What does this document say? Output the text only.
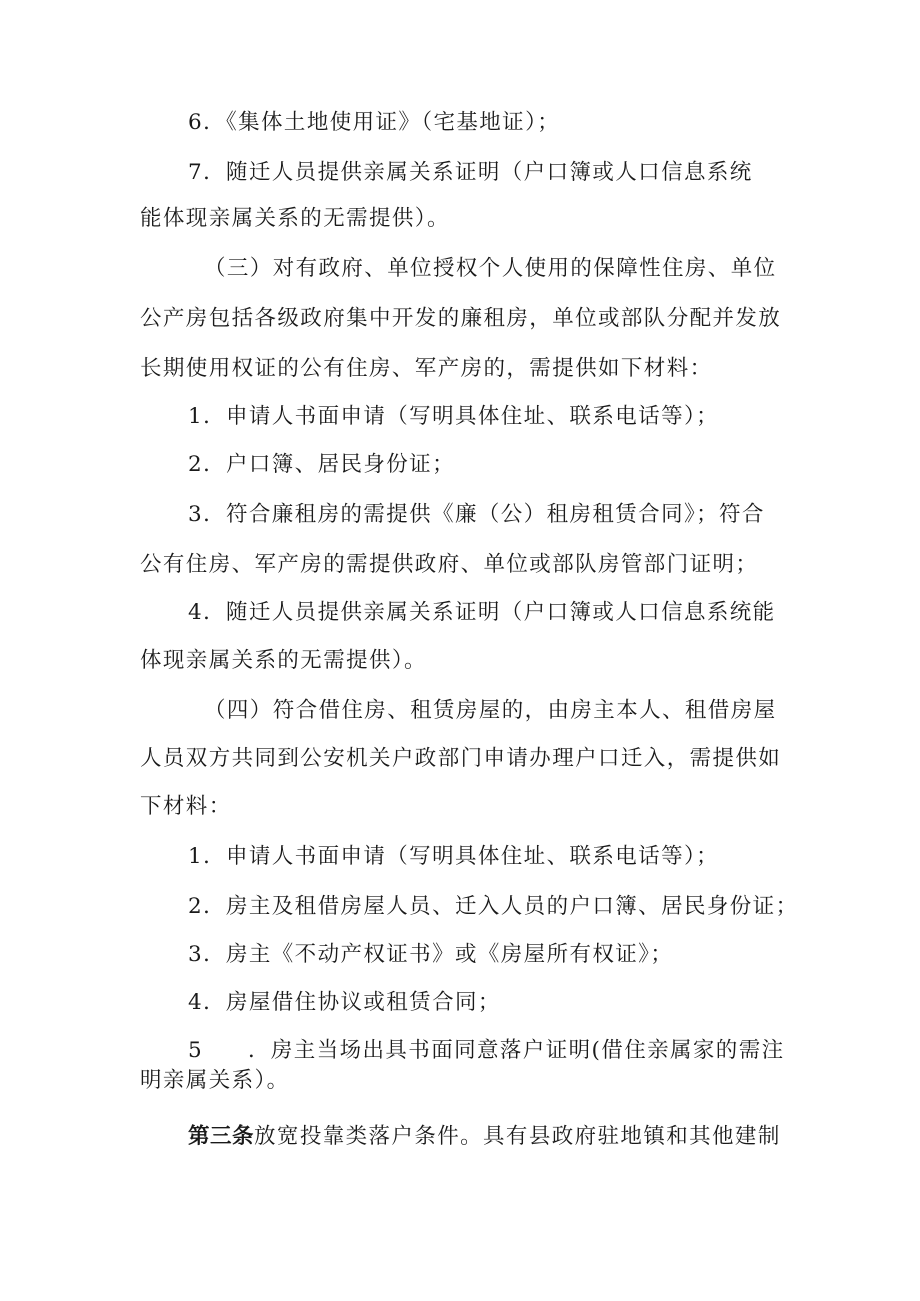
6．《集体土地使用证》（宅基地证）；
7．随迁人员提供亲属关系证明（户口簿或人口信息系统
能体现亲属关系的无需提供）。
（三）对有政府、单位授权个人使用的保障性住房、单位
公产房包括各级政府集中开发的廉租房，单位或部队分配并发放
长期使用权证的公有住房、军产房的，需提供如下材料：
1．申请人书面申请（写明具体住址、联系电话等）；
2．户口簿、居民身份证；
3．符合廉租房的需提供《廉（公）租房租赁合同》；符合
公有住房、军产房的需提供政府、单位或部队房管部门证明；
4．随迁人员提供亲属关系证明（户口簿或人口信息系统能
体现亲属关系的无需提供）。
（四）符合借住房、租赁房屋的，由房主本人、租借房屋
人员双方共同到公安机关户政部门申请办理户口迁入，需提供如
下材料：
1．申请人书面申请（写明具体住址、联系电话等）；
2．房主及租借房屋人员、迁入人员的户口簿、居民身份证；
3．房主《不动产权证书》或《房屋所有权证》；
4．房屋借住协议或租赁合同；
5 ．房主当场出具书面同意落户证明(借住亲属家的需注
明亲属关系）。
第三条放宽投靠类落户条件。具有县政府驻地镇和其他建制
